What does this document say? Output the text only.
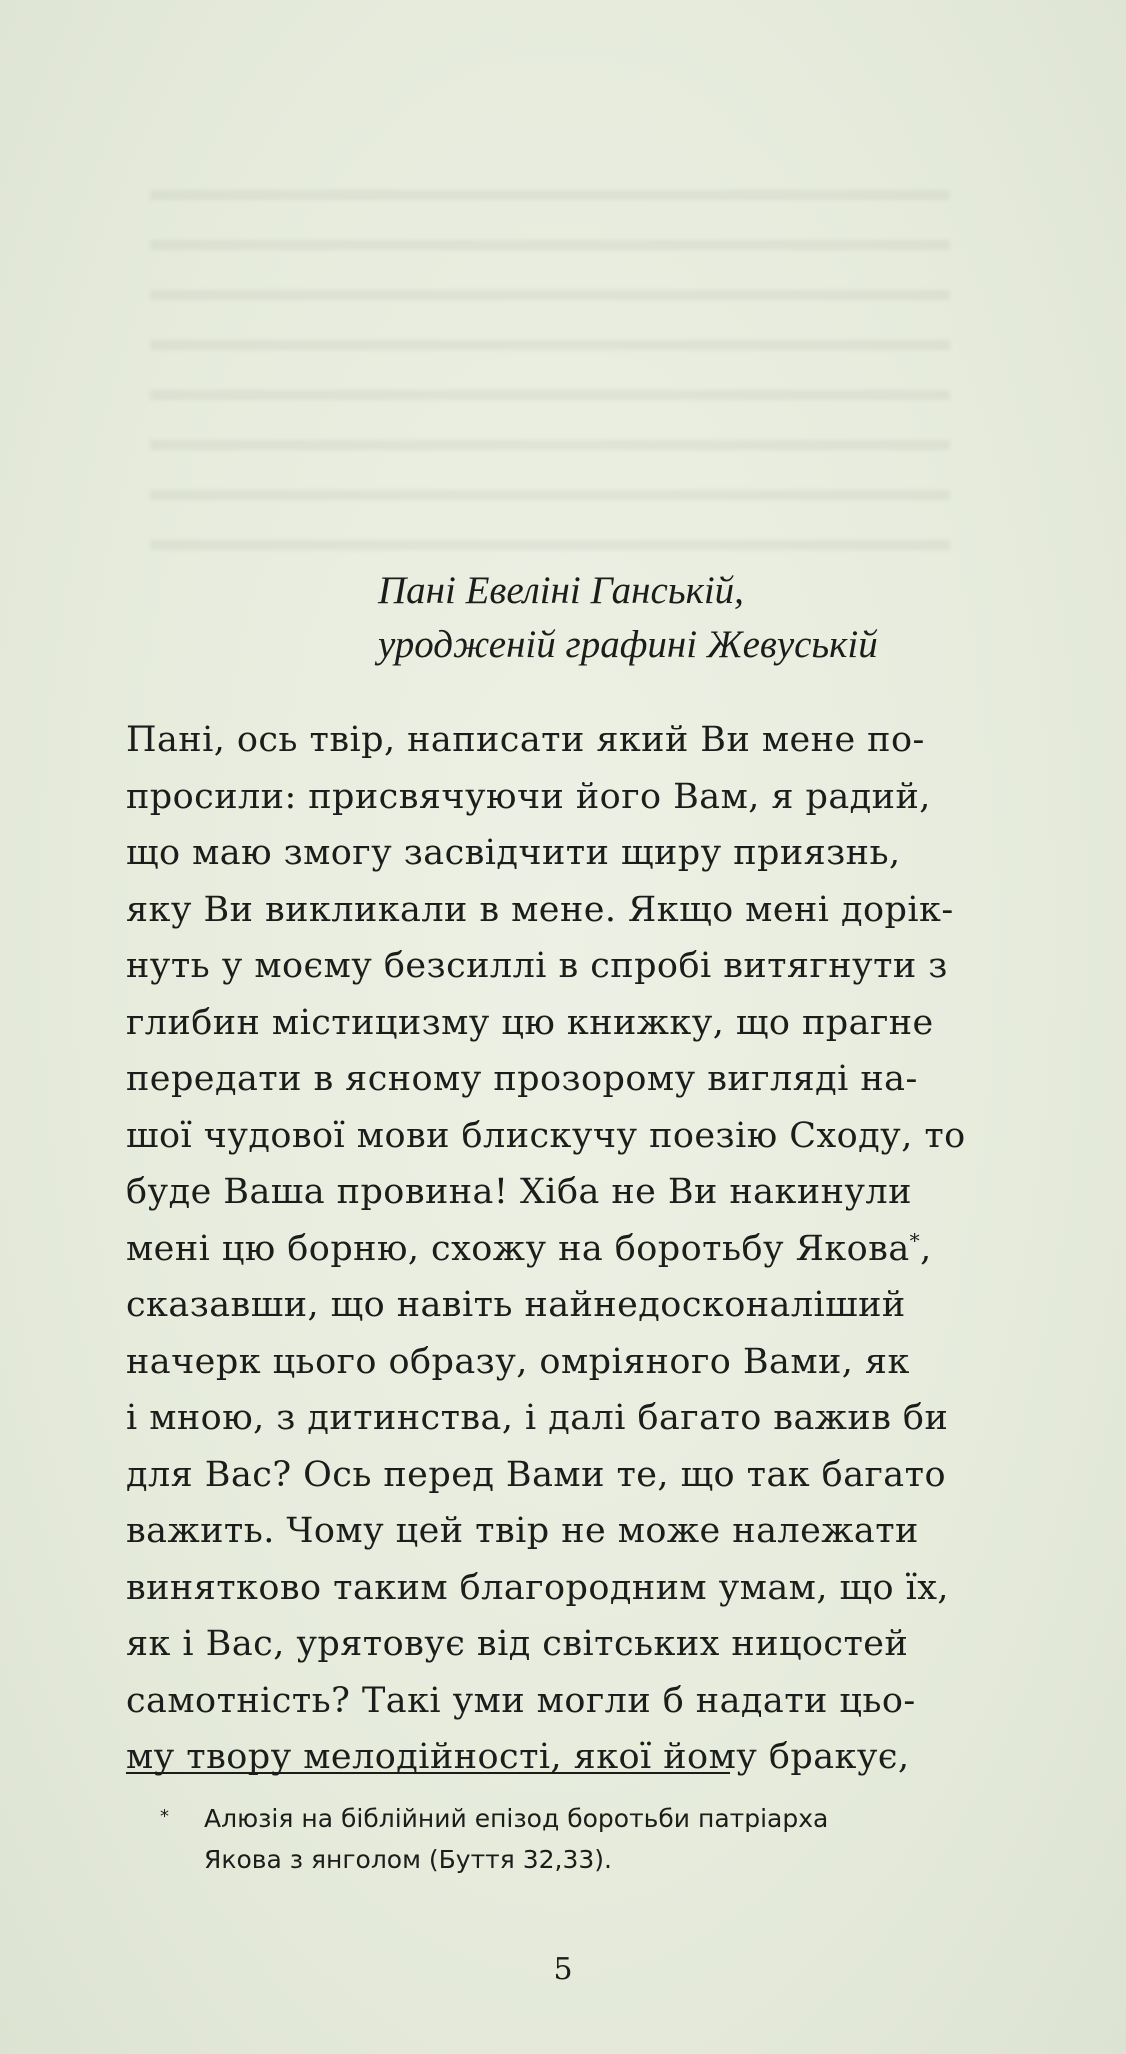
Пані Евеліні Ганській,
уродженій графині Жевуській
Пані, ось твір, написати який Ви мене по-
просили: присвячуючи його Вам, я радий,
що маю змогу засвідчити щиру приязнь,
яку Ви викликали в мене. Якщо мені дорік-
нуть у моєму безсиллі в спробі витягнути з
глибин містицизму цю книжку, що прагне
передати в ясному прозорому вигляді на-
шої чудової мови блискучу поезію Сходу, то
буде Ваша провина! Хіба не Ви накинули
мені цю борню, схожу на боротьбу Якова*,
сказавши, що навіть найнедосконаліший
начерк цього образу, омріяного Вами, як
і мною, з дитинства, і далі багато важив би
для Вас? Ось перед Вами те, що так багато
важить. Чому цей твір не може належати
винятково таким благородним умам, що їх,
як і Вас, урятовує від світських ницостей
самотність? Такі уми могли б надати цьо-
му твору мелодійності, якої йому бракує,
*	Алюзія на біблійний епізод боротьби патріарха
Якова з янголом (Буття 32,33).
5
